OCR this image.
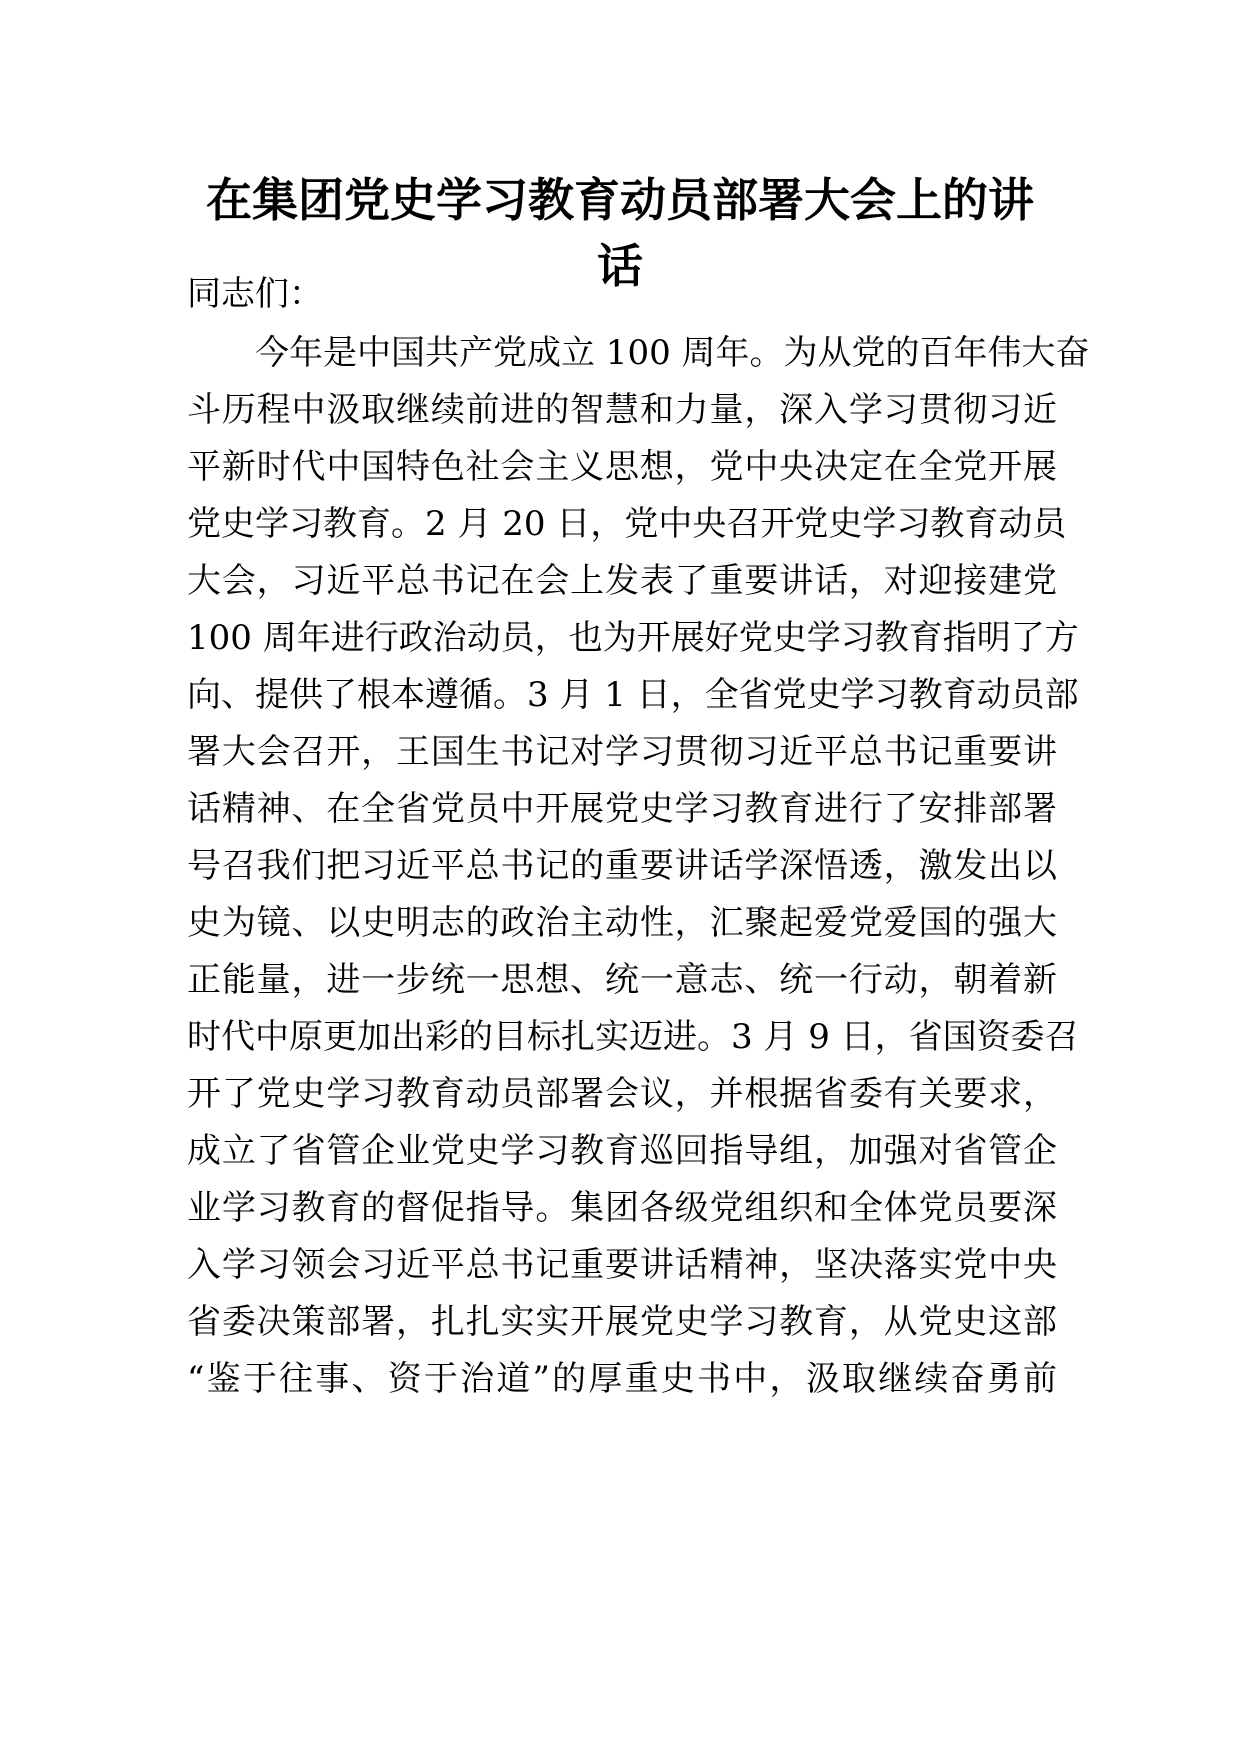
在集团党史学习教育动员部署大会上的讲
话
同志们：
今年是中国共产党成立 100 周年。为从党的百年伟大奋
斗历程中汲取继续前进的智慧和力量，深入学习贯彻习近
平新时代中国特色社会主义思想，党中央决定在全党开展
党史学习教育。2 月 20 日，党中央召开党史学习教育动员
大会，习近平总书记在会上发表了重要讲话，对迎接建党
100 周年进行政治动员，也为开展好党史学习教育指明了方
向、提供了根本遵循。3 月 1 日，全省党史学习教育动员部
署大会召开，王国生书记对学习贯彻习近平总书记重要讲
话精神、在全省党员中开展党史学习教育进行了安排部署
号召我们把习近平总书记的重要讲话学深悟透，激发出以
史为镜、以史明志的政治主动性，汇聚起爱党爱国的强大
正能量，进一步统一思想、统一意志、统一行动，朝着新
时代中原更加出彩的目标扎实迈进。3 月 9 日，省国资委召
开了党史学习教育动员部署会议，并根据省委有关要求，
成立了省管企业党史学习教育巡回指导组，加强对省管企
业学习教育的督促指导。集团各级党组织和全体党员要深
入学习领会习近平总书记重要讲话精神，坚决落实党中央
省委决策部署，扎扎实实开展党史学习教育，从党史这部
“鉴于往事、资于治道”的厚重史书中，汲取继续奋勇前
